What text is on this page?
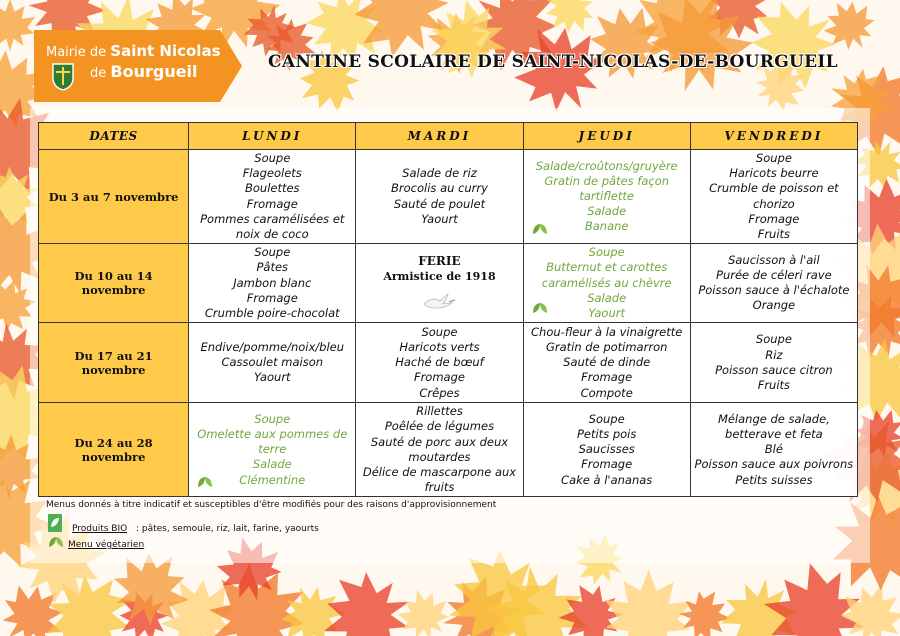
Mairie de Saint Nicolas
de Bourgueil	CANTINE SCOLAIRE DE SAINT-NICOLAS-DE-BOURGUEIL
DATES	LUNDI	MARDI	JEUDI	VENDREDI
Du 3 au 7 novembre	Soupe
Flageolets
Boulettes
Fromage
Pommes caramélisées et noix de coco	Salade de riz
Brocolis au curry
Sauté de poulet
Yaourt	Salade/croûtons/gruyère
Gratin de pâtes façon tartiflette
Salade
Banane	Soupe
Haricots beurre
Crumble de poisson et chorizo
Fromage
Fruits

Du 10 au 14 novembre	Soupe
Pâtes
Jambon blanc
Fromage
Crumble poire-chocolat	FERIE
Armistice de 1918	Soupe
Butternut et carottes caramélisés au chèvre
Salade
Yaourt	Saucisson à l'ail
Purée de céleri rave
Poisson sauce à l'échalote
Orange

Du 17 au 21 novembre	Endive/pomme/noix/bleu
Cassoulet maison
Yaourt	Soupe
Haricots verts
Haché de bœuf
Fromage
Crêpes	Chou-fleur à la vinaigrette
Gratin de potimarron
Sauté de dinde
Fromage
Compote	Soupe
Riz
Poisson sauce citron
Fruits

Du 24 au 28 novembre	Soupe
Omelette aux pommes de terre
Salade
Clémentine	Rillettes
Poêlée de légumes
Sauté de porc aux deux moutardes
Délice de mascarpone aux fruits	Soupe
Petits pois
Saucisses
Fromage
Cake à l'ananas	Mélange de salade, betterave et feta
Blé
Poisson sauce aux poivrons
Petits suisses
Menus donnés à titre indicatif et susceptibles d'être modifiés pour des raisons d'approvisionnement
Produits BIO : pâtes, semoule, riz, lait, farine, yaourts
Menu végétarien
